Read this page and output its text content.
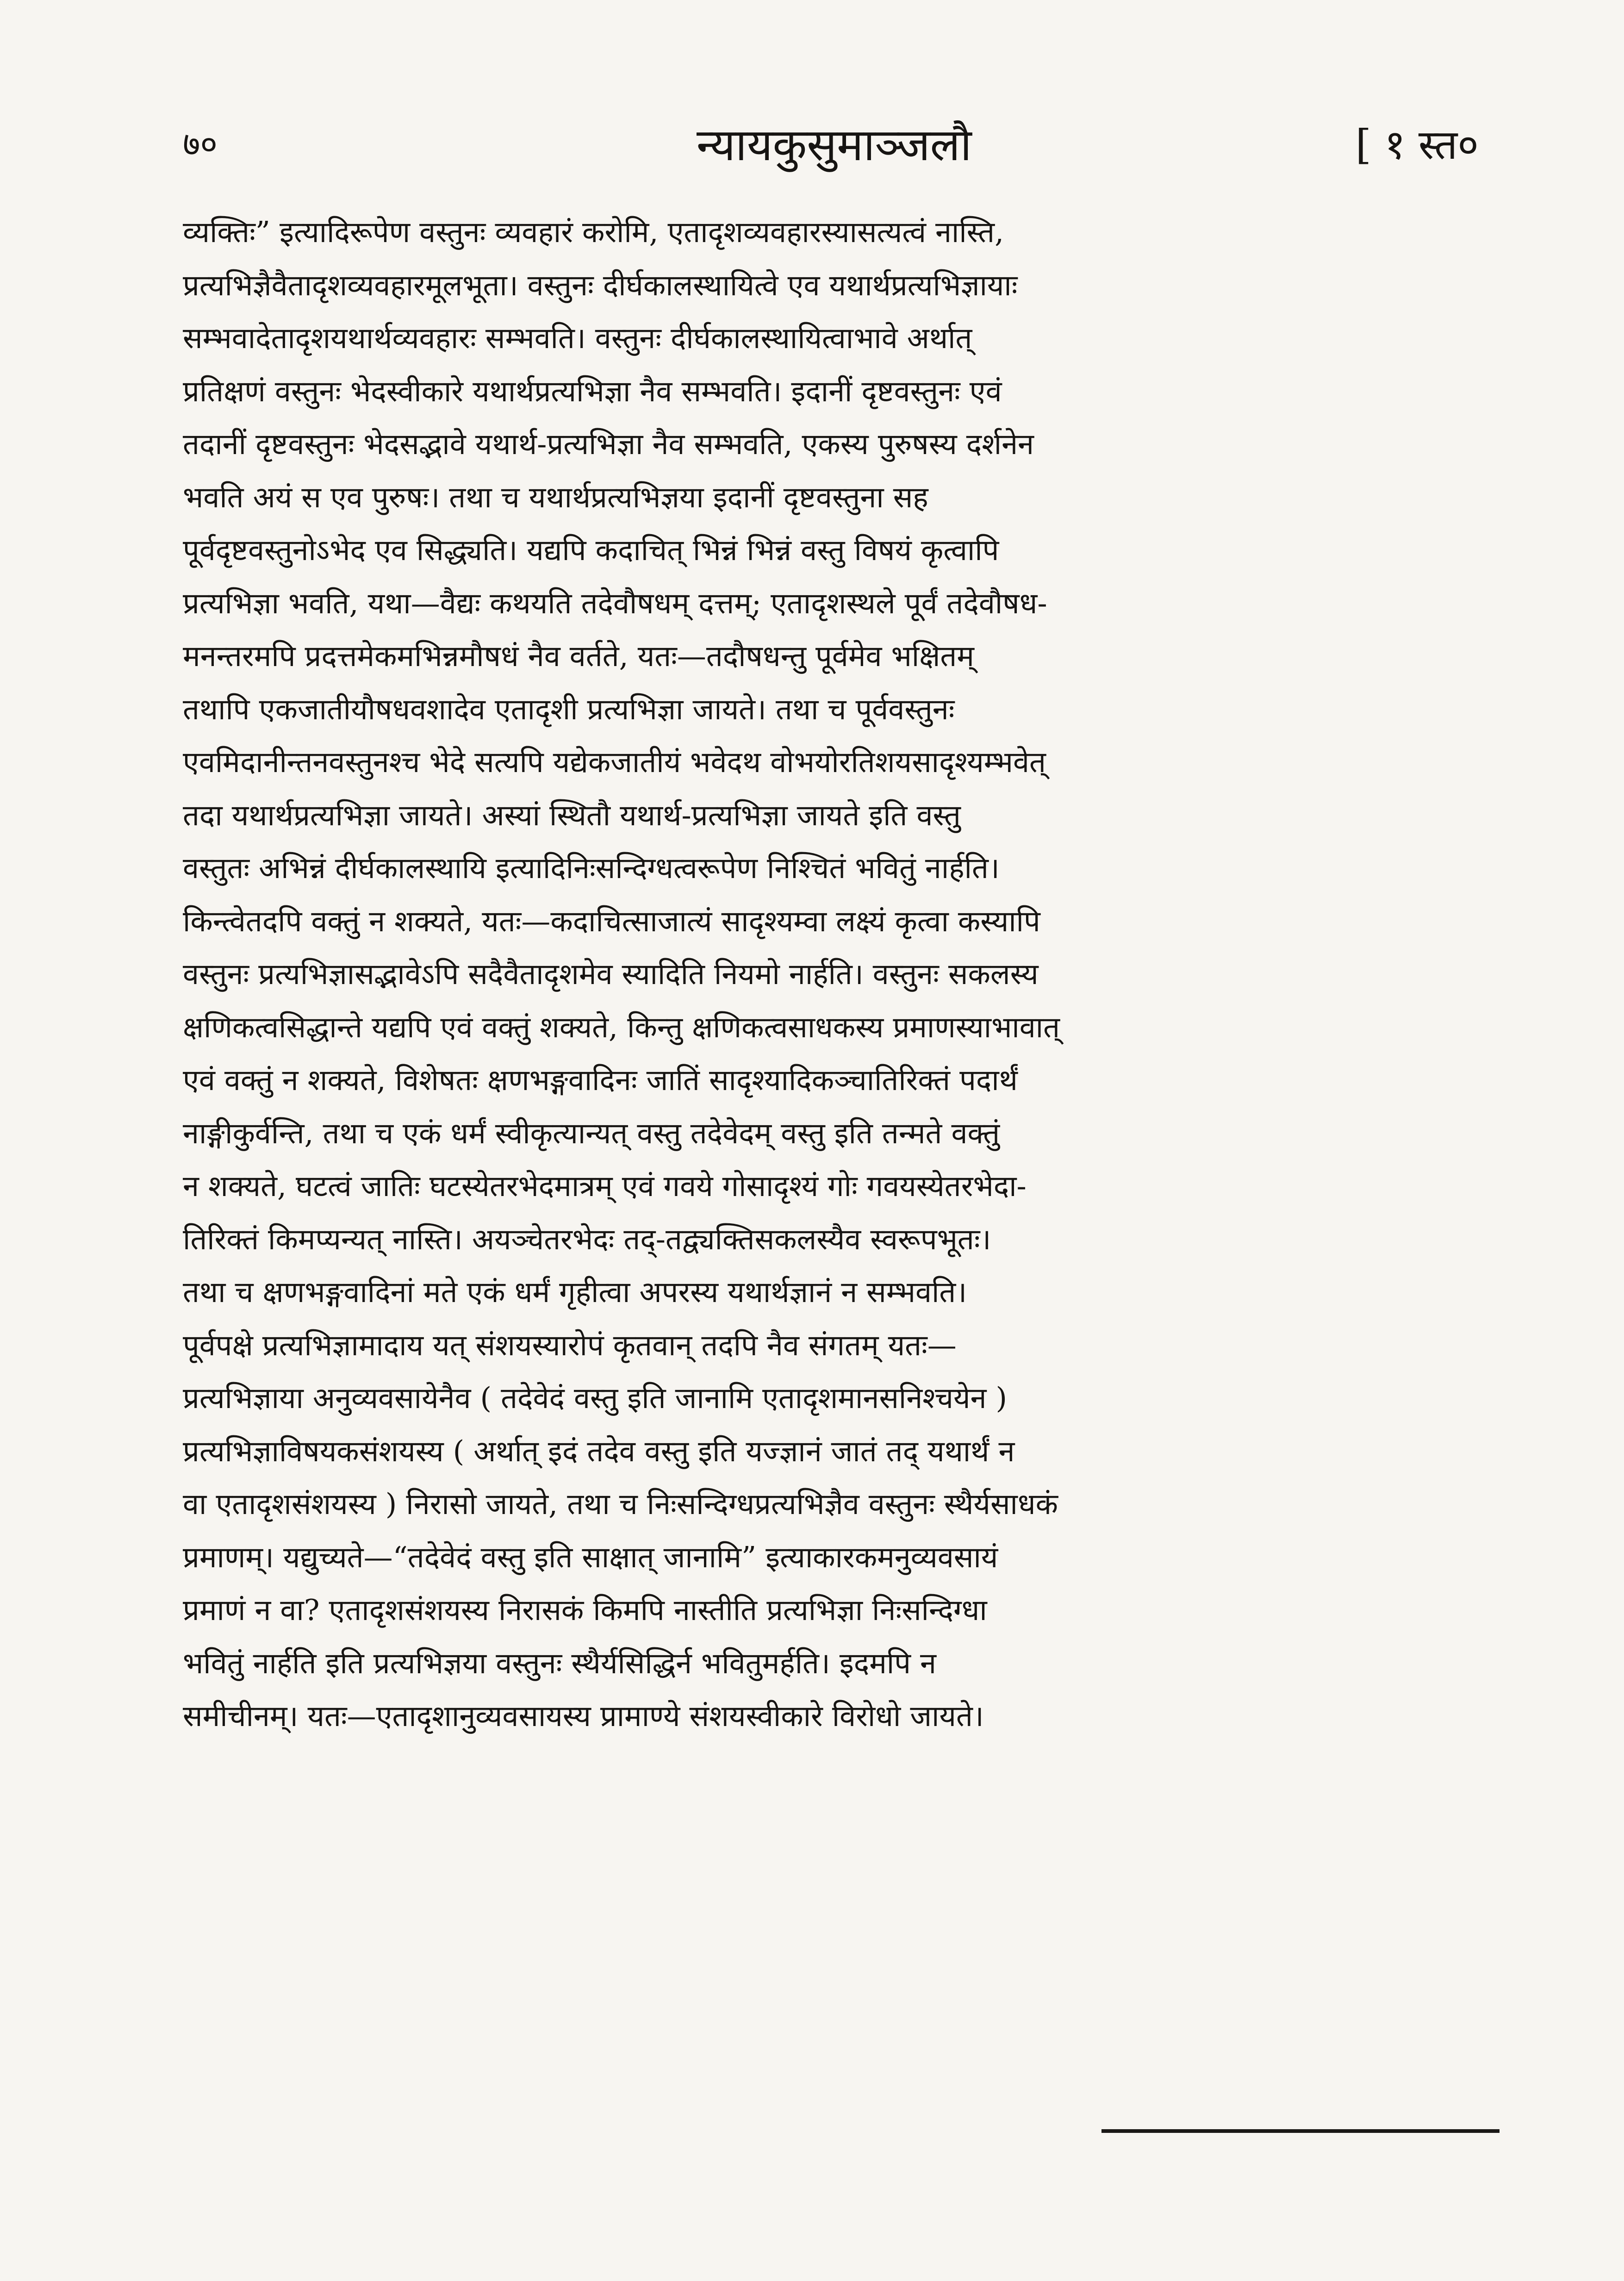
७०	न्यायकुसुमाञ्जलौ	[ १ स्त०
व्यक्तिः” इत्यादिरूपेण वस्तुनः व्यवहारं करोमि, एतादृशव्यवहारस्यासत्यत्वं नास्ति,
प्रत्यभिज्ञैवैतादृशव्यवहारमूलभूता। वस्तुनः दीर्घकालस्थायित्वे एव यथार्थप्रत्यभिज्ञायाः
सम्भवादेतादृशयथार्थव्यवहारः सम्भवति। वस्तुनः दीर्घकालस्थायित्वाभावे अर्थात्
प्रतिक्षणं वस्तुनः भेदस्वीकारे यथार्थप्रत्यभिज्ञा नैव सम्भवति। इदानीं दृष्टवस्तुनः एवं
तदानीं दृष्टवस्तुनः भेदसद्भावे यथार्थ-प्रत्यभिज्ञा नैव सम्भवति, एकस्य पुरुषस्य दर्शनेन
भवति अयं स एव पुरुषः। तथा च यथार्थप्रत्यभिज्ञया इदानीं दृष्टवस्तुना सह
पूर्वदृष्टवस्तुनोऽभेद एव सिद्ध्यति। यद्यपि कदाचित् भिन्नं भिन्नं वस्तु विषयं कृत्वापि
प्रत्यभिज्ञा भवति, यथा—वैद्यः कथयति तदेवौषधम् दत्तम्; एतादृशस्थले पूर्वं तदेवौषध-
मनन्तरमपि प्रदत्तमेकमभिन्नमौषधं नैव वर्तते, यतः—तदौषधन्तु पूर्वमेव भक्षितम्
तथापि एकजातीयौषधवशादेव एतादृशी प्रत्यभिज्ञा जायते। तथा च पूर्ववस्तुनः
एवमिदानीन्तनवस्तुनश्च भेदे सत्यपि यद्येकजातीयं भवेदथ वोभयोरतिशयसादृश्यम्भवेत्
तदा यथार्थप्रत्यभिज्ञा जायते। अस्यां स्थितौ यथार्थ-प्रत्यभिज्ञा जायते इति वस्तु
वस्तुतः अभिन्नं दीर्घकालस्थायि इत्यादिनिःसन्दिग्धत्वरूपेण निश्चितं भवितुं नार्हति।
किन्त्वेतदपि वक्तुं न शक्यते, यतः—कदाचित्साजात्यं सादृश्यम्वा लक्ष्यं कृत्वा कस्यापि
वस्तुनः प्रत्यभिज्ञासद्भावेऽपि सदैवैतादृशमेव स्यादिति नियमो नार्हति। वस्तुनः सकलस्य
क्षणिकत्वसिद्धान्ते यद्यपि एवं वक्तुं शक्यते, किन्तु क्षणिकत्वसाधकस्य प्रमाणस्याभावात्
एवं वक्तुं न शक्यते, विशेषतः क्षणभङ्गवादिनः जातिं सादृश्यादिकञ्चातिरिक्तं पदार्थं
नाङ्गीकुर्वन्ति, तथा च एकं धर्मं स्वीकृत्यान्यत् वस्तु तदेवेदम् वस्तु इति तन्मते वक्तुं
न शक्यते, घटत्वं जातिः घटस्येतरभेदमात्रम् एवं गवये गोसादृश्यं गोः गवयस्येतरभेदा-
तिरिक्तं किमप्यन्यत् नास्ति। अयञ्चेतरभेदः तद्-तद्व्यक्तिसकलस्यैव स्वरूपभूतः।
तथा च क्षणभङ्गवादिनां मते एकं धर्मं गृहीत्वा अपरस्य यथार्थज्ञानं न सम्भवति।
पूर्वपक्षे प्रत्यभिज्ञामादाय यत् संशयस्यारोपं कृतवान् तदपि नैव संगतम् यतः—
प्रत्यभिज्ञाया अनुव्यवसायेनैव ( तदेवेदं वस्तु इति जानामि एतादृशमानसनिश्चयेन )
प्रत्यभिज्ञाविषयकसंशयस्य ( अर्थात् इदं तदेव वस्तु इति यज्ज्ञानं जातं तद् यथार्थं न
वा एतादृशसंशयस्य ) निरासो जायते, तथा च निःसन्दिग्धप्रत्यभिज्ञैव वस्तुनः स्थैर्यसाधकं
प्रमाणम्। यद्युच्यते—“तदेवेदं वस्तु इति साक्षात् जानामि” इत्याकारकमनुव्यवसायं
प्रमाणं न वा? एतादृशसंशयस्य निरासकं किमपि नास्तीति प्रत्यभिज्ञा निःसन्दिग्धा
भवितुं नार्हति इति प्रत्यभिज्ञया वस्तुनः स्थैर्यसिद्धिर्न भवितुमर्हति। इदमपि न
समीचीनम्। यतः—एतादृशानुव्यवसायस्य प्रामाण्ये संशयस्वीकारे विरोधो जायते।
